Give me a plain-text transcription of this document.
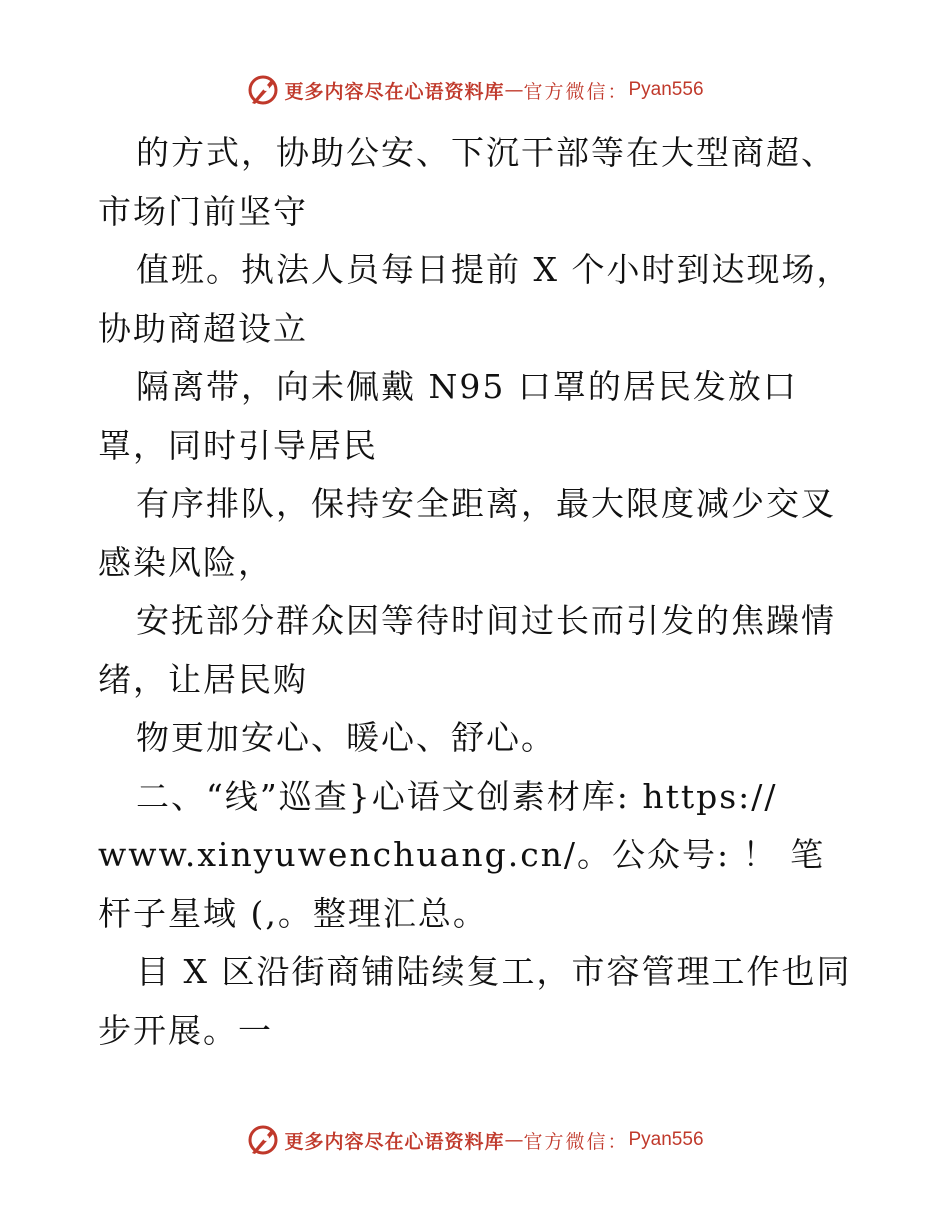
更多内容尽在心语资料库 — 官方微信： Pyan556

的方式，协助公安、下沉干部等在大型商超、市场门前坚守

值班。执法人员每日提前 X 个小时到达现场，协助商超设立

隔离带，向未佩戴 N95 口罩的居民发放口罩，同时引导居民

有序排队，保持安全距离，最大限度减少交叉感染风险，

安抚部分群众因等待时间过长而引发的焦躁情绪，让居民购

物更加安心、暖心、舒心。

二、“线”巡查}心语文创素材库: https:// www.xinyuwenchuang.cn/。公众号: ！ 笔杆子星域 (,。整理汇总。

目 X 区沿街商铺陆续复工，市容管理工作也同步开展。一

更多内容尽在心语资料库 — 官方微信： Pyan556
